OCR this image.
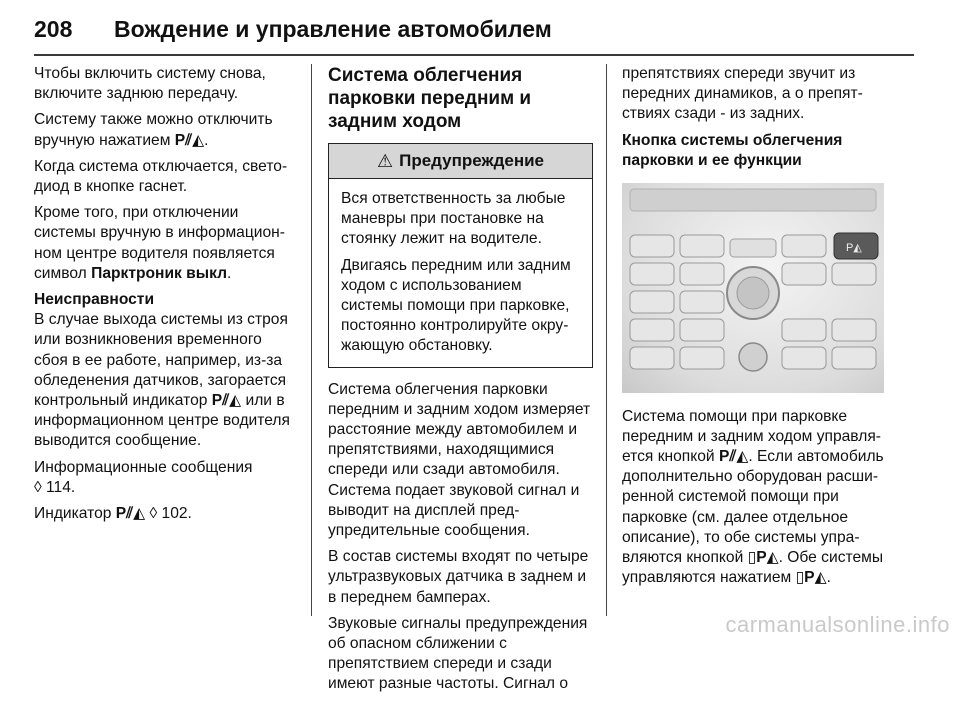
208 Вождение и управление автомобилем

Чтобы включить систему снова, включите заднюю передачу.

Систему также можно отключить вручную нажатием P⫽◭.

Когда система отключается, светодиод в кнопке гаснет.

Кроме того, при отключении системы вручную в информационном центре водителя появляется символ Парктроник выкл.

Неисправности

В случае выхода системы из строя или возникновения временного сбоя в ее работе, например, из-за обледенения датчиков, загорается контрольный индикатор P⫽◭ или в информационном центре водителя выводится сообщение.

Информационные сообщения
◊ 114.

Индикатор P⫽◭ ◊ 102.

Система облегчения парковки передним и задним ходом
⚠ Предупреждение

Вся ответственность за любые маневры при постановке на стоянку лежит на водителе.

Двигаясь передним или задним ходом с использованием системы помощи при парковке, постоянно контролируйте окружающую обстановку.

Система облегчения парковки передним и задним ходом измеряет расстояние между автомобилем и препятствиями, находящимися спереди или сзади автомобиля. Система подает звуковой сигнал и выводит на дисплей предупредительные сообщения.

В состав системы входят по четыре ультразвуковых датчика в заднем и в переднем бамперах.

Звуковые сигналы предупреждения об опасном сближении с препятствием спереди и сзади имеют разные частоты. Сигнал о

препятствиях спереди звучит из передних динамиков, а о препятствиях сзади - из задних.

Кнопка системы облегчения парковки и ее функции
P◭

Система помощи при парковке передним и задним ходом управляется кнопкой P⫽◭. Если автомобиль дополнительно оборудован расширенной системой помощи при парковке (см. далее отдельное описание), то обе системы управляются кнопкой ▯P◭. Обе системы управляются нажатием ▯P◭.

carmanualsonline.info
